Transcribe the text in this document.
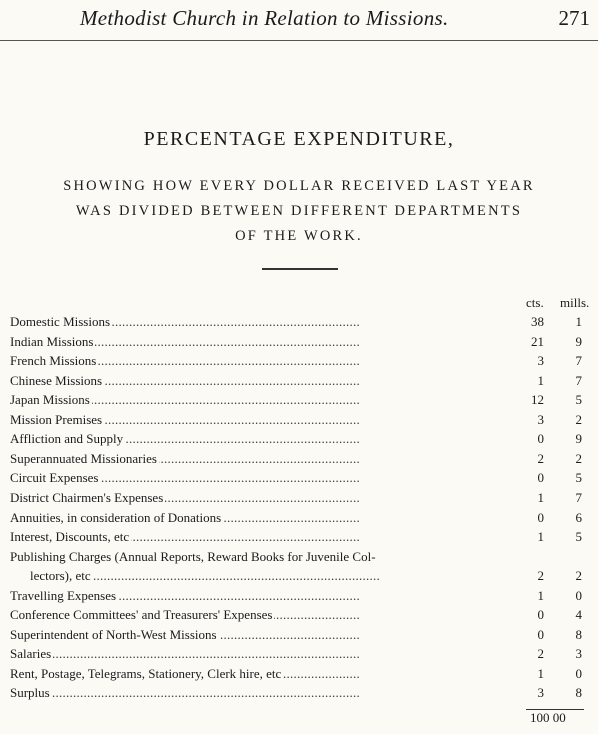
Methodist Church in Relation to Missions.	271
PERCENTAGE EXPENDITURE,
SHOWING HOW EVERY DOLLAR RECEIVED LAST YEAR
WAS DIVIDED BETWEEN DIFFERENT DEPARTMENTS
OF THE WORK.
cts. mills.
Domestic Missions . . .	38	1
Indian Missions . . .	21	9
French Missions . . .	3	7
Chinese Missions . . .	1	7
Japan Missions . . .	12	5
Mission Premises . . .	3	2
Affliction and Supply . . .	0	9
Superannuated Missionaries . . .	2	2
Circuit Expenses . . .	0	5
District Chairmen's Expenses . . .	1	7
Annuities, in consideration of Donations . . .	0	6
Interest, Discounts, etc . . .	1	5
Publishing Charges (Annual Reports, Reward Books for Juvenile Col-
lectors), etc . . .	2	2
Travelling Expenses . . .	1	0
Conference Committees' and Treasurers' Expenses . . .	0	4
Superintendent of North-West Missions . . .	0	8
Salaries . . .	2	3
Rent, Postage, Telegrams, Stationery, Clerk hire, etc . . .	1	0
Surplus . . .	3	8
100 00
